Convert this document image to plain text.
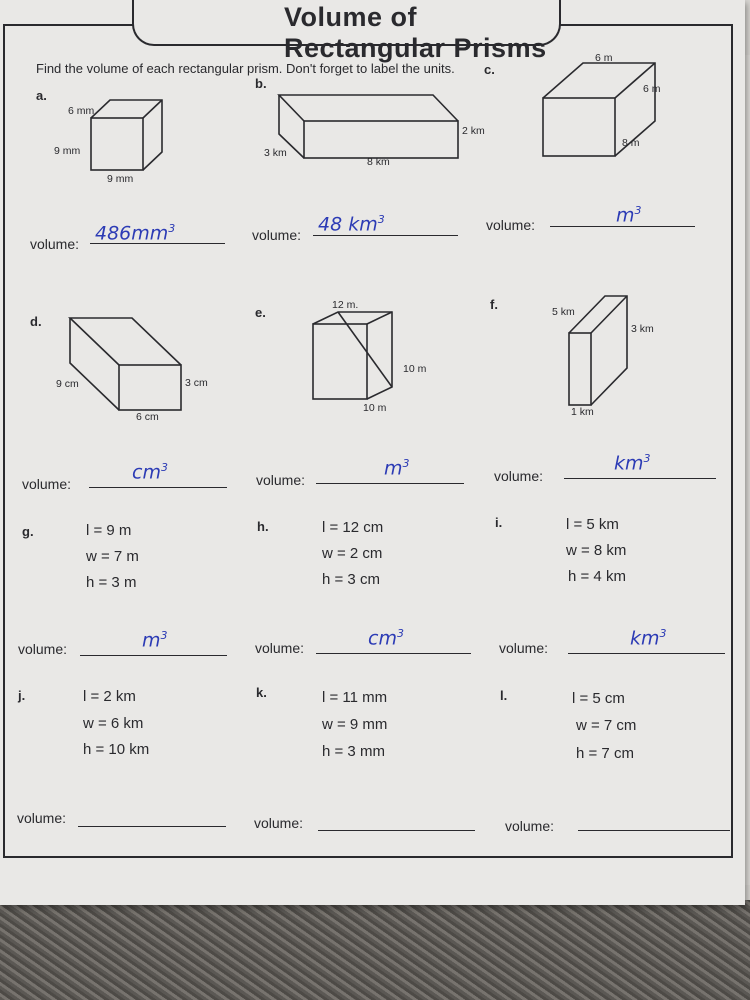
Volume of Rectangular Prisms
Find the volume of each rectangular prism. Don't forget to label the units.
a.
6 mm
9 mm
9 mm
volume: $486mm^3$
b.
2 km
3 km
8 km
volume: 48 $km^3$
c.
6 m
6 m
8 m
volume:	$m^3$
d.
9 cm	3 cm
6 cm
volume:
$cm^3$
e.	12 m.
10 m
10 m
volume:
$m^3$
f.	5 km
3 km
1 km
volume:
$km^3$
g.	l = 9 m
w = 7 m
h = 3 m
volume:	$m^3$
h.	l = 12 cm
w = 2 cm
h = 3 cm
volume:	$cm^3$
i.	l = 5 km
w = 8 km
h = 4 km
volume:	$km^3$
j.	l = 2 km
w = 6 km
h = 10 km
volume:
k.	l = 11 mm
w = 9 mm
h = 3 mm
volume:
l.	l = 5 cm
w = 7 cm
h = 7 cm
volume:
